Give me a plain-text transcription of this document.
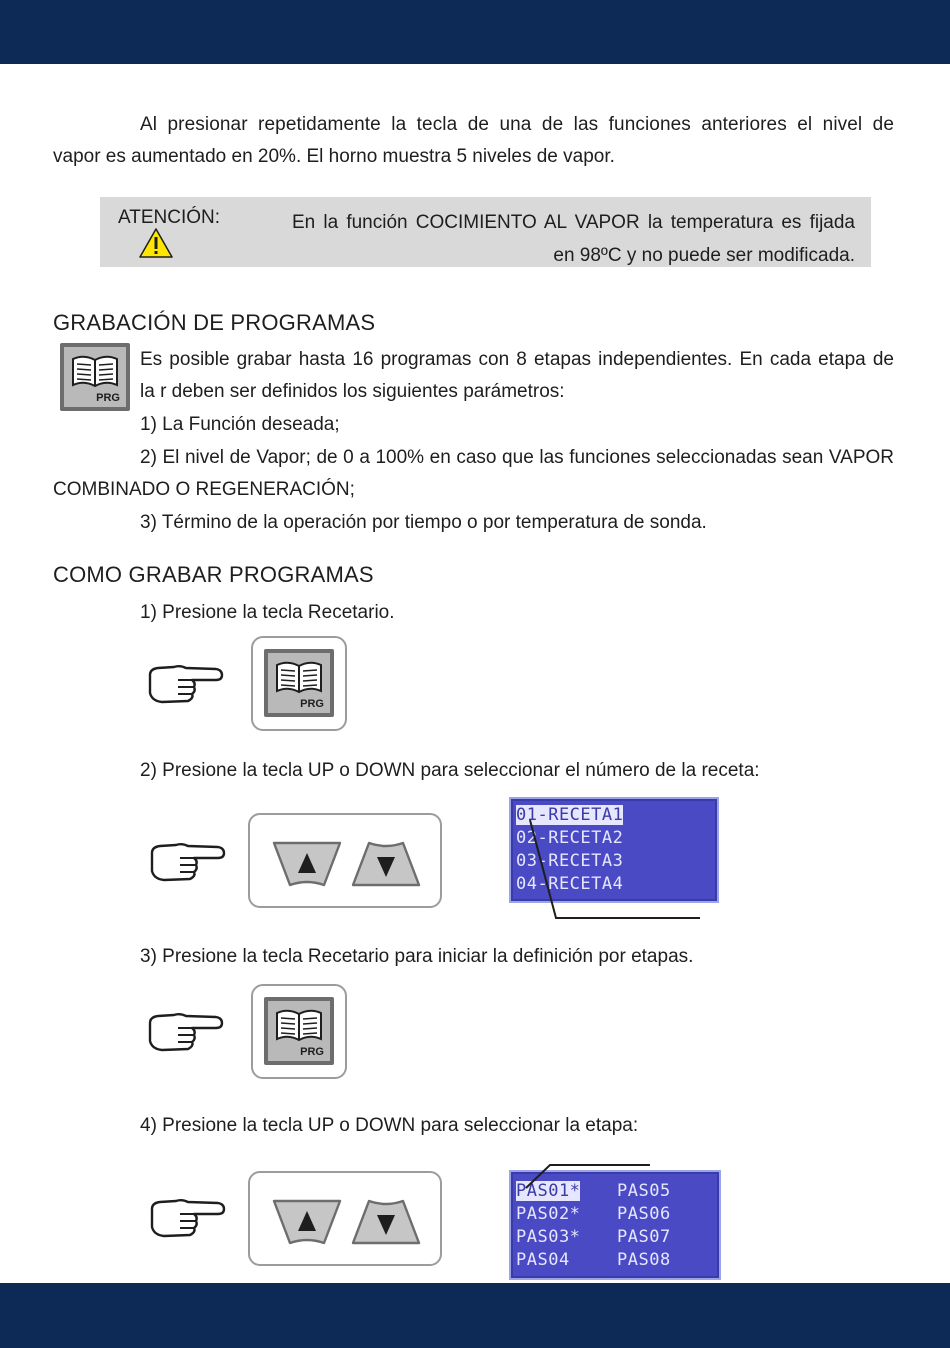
Al presionar repetidamente la tecla de una de las funciones anteriores el nivel de
vapor es aumentado en 20%. El horno muestra 5 niveles de vapor.
ATENCIÓN:	En la función COCIMIENTO AL VAPOR la temperatura es fijada
en 98ºC y no puede ser modificada.
GRABACIÓN DE PROGRAMAS
PRG
Es posible grabar hasta 16 programas con 8 etapas independientes. En cada etapa de
la r deben ser definidos los siguientes parámetros:
1) La Función deseada;
2) El nivel de Vapor; de 0 a 100% en caso que las funciones seleccionadas sean VAPOR
COMBINADO O REGENERACIÓN;
3) Término de la operación por tiempo o por temperatura de sonda.
COMO GRABAR PROGRAMAS
1) Presione la tecla Recetario.
PRG
2) Presione la tecla UP o DOWN para seleccionar el número de la receta:
01-RECETA1
02-RECETA2
03-RECETA3
04-RECETA4
3) Presione la tecla Recetario para iniciar la definición por etapas.
PRG
4) Presione la tecla UP o DOWN para seleccionar la etapa:
PAS01*
PAS02*
PAS03*
PAS04
PAS05
PAS06
PAS07
PAS08
